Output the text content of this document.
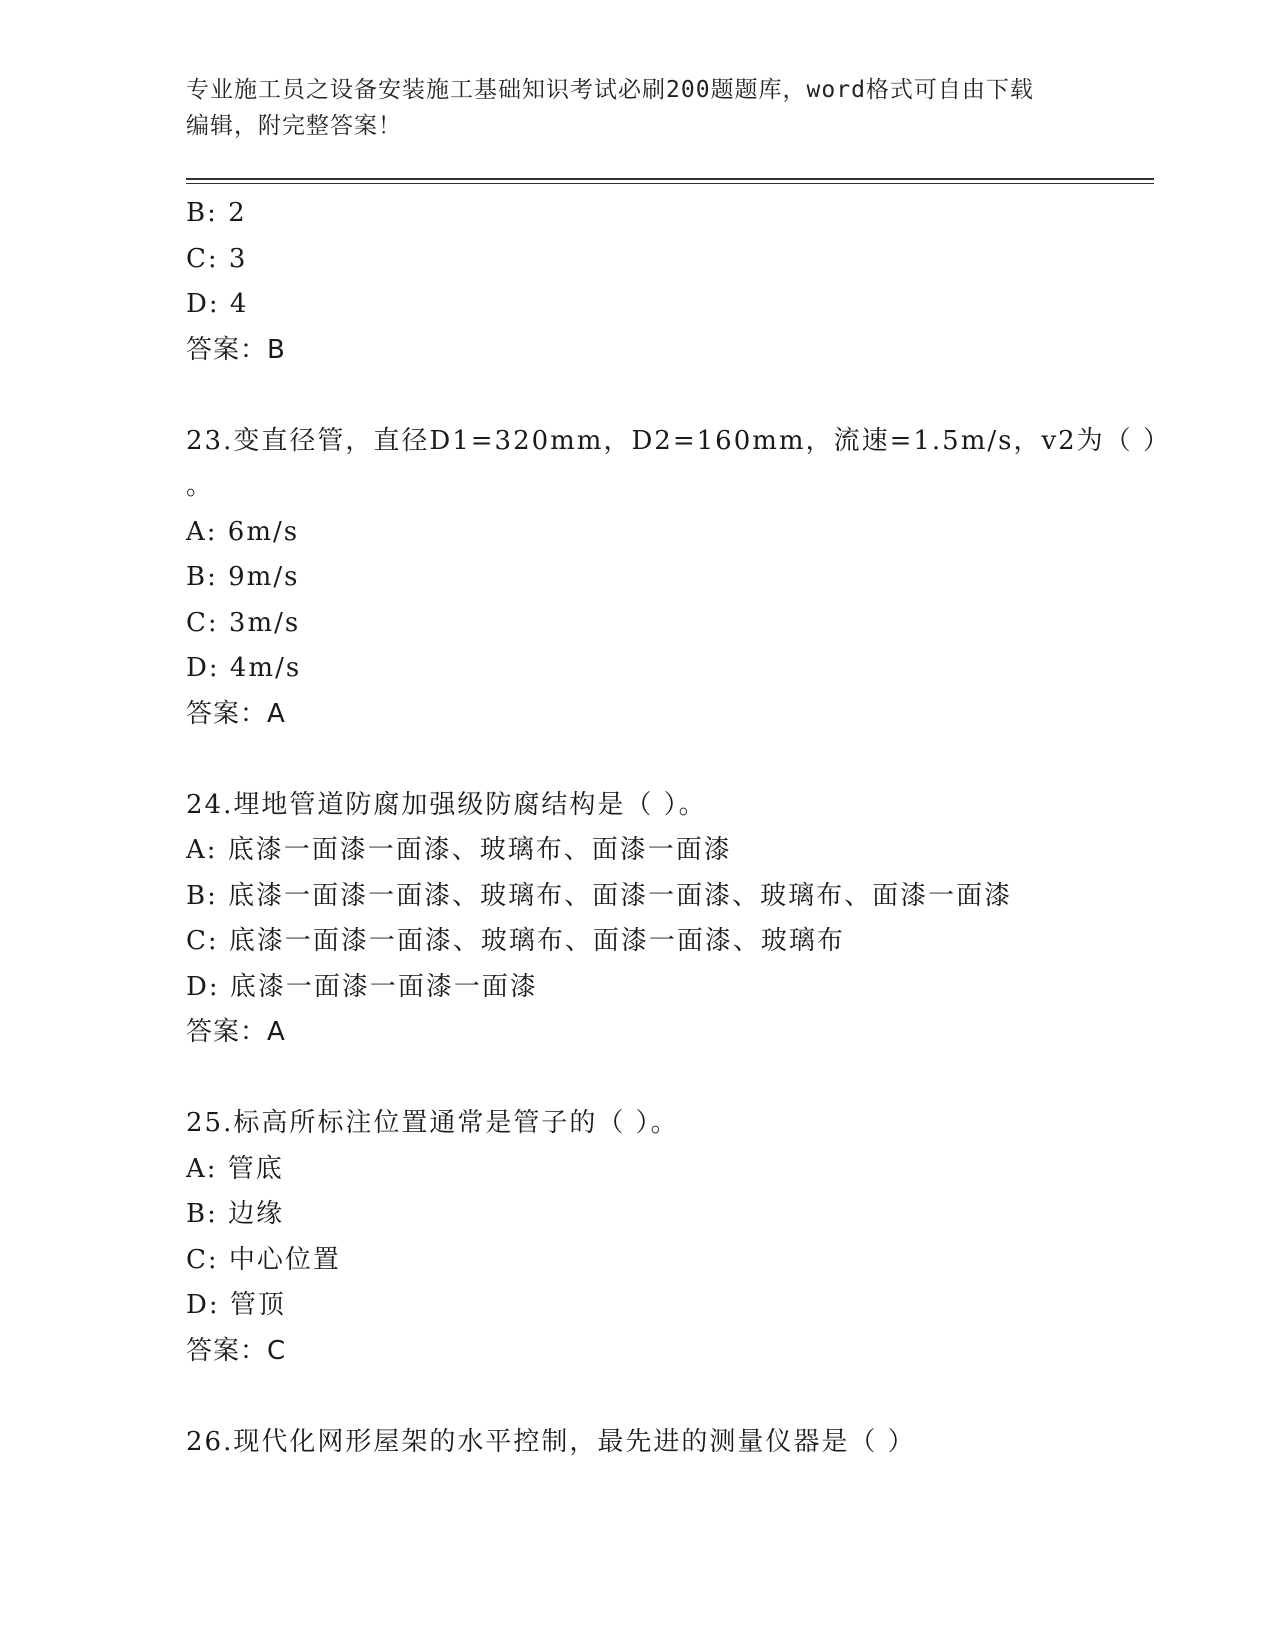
专业施工员之设备安装施工基础知识考试必刷200题题库，word格式可自由下载
编辑，附完整答案！
B: 2
C: 3
D: 4
答案：B
23.变直径管，直径D1=320mm，D2=160mm，流速=1.5m/s，v2为（ ）
。
A: 6m/s
B: 9m/s
C: 3m/s
D: 4m/s
答案：A
24.埋地管道防腐加强级防腐结构是（ ）。
A: 底漆一面漆一面漆、玻璃布、面漆一面漆
B: 底漆一面漆一面漆、玻璃布、面漆一面漆、玻璃布、面漆一面漆
C: 底漆一面漆一面漆、玻璃布、面漆一面漆、玻璃布
D: 底漆一面漆一面漆一面漆
答案：A
25.标高所标注位置通常是管子的（ ）。
A: 管底
B: 边缘
C: 中心位置
D: 管顶
答案：C
26.现代化网形屋架的水平控制，最先进的测量仪器是（ ）
